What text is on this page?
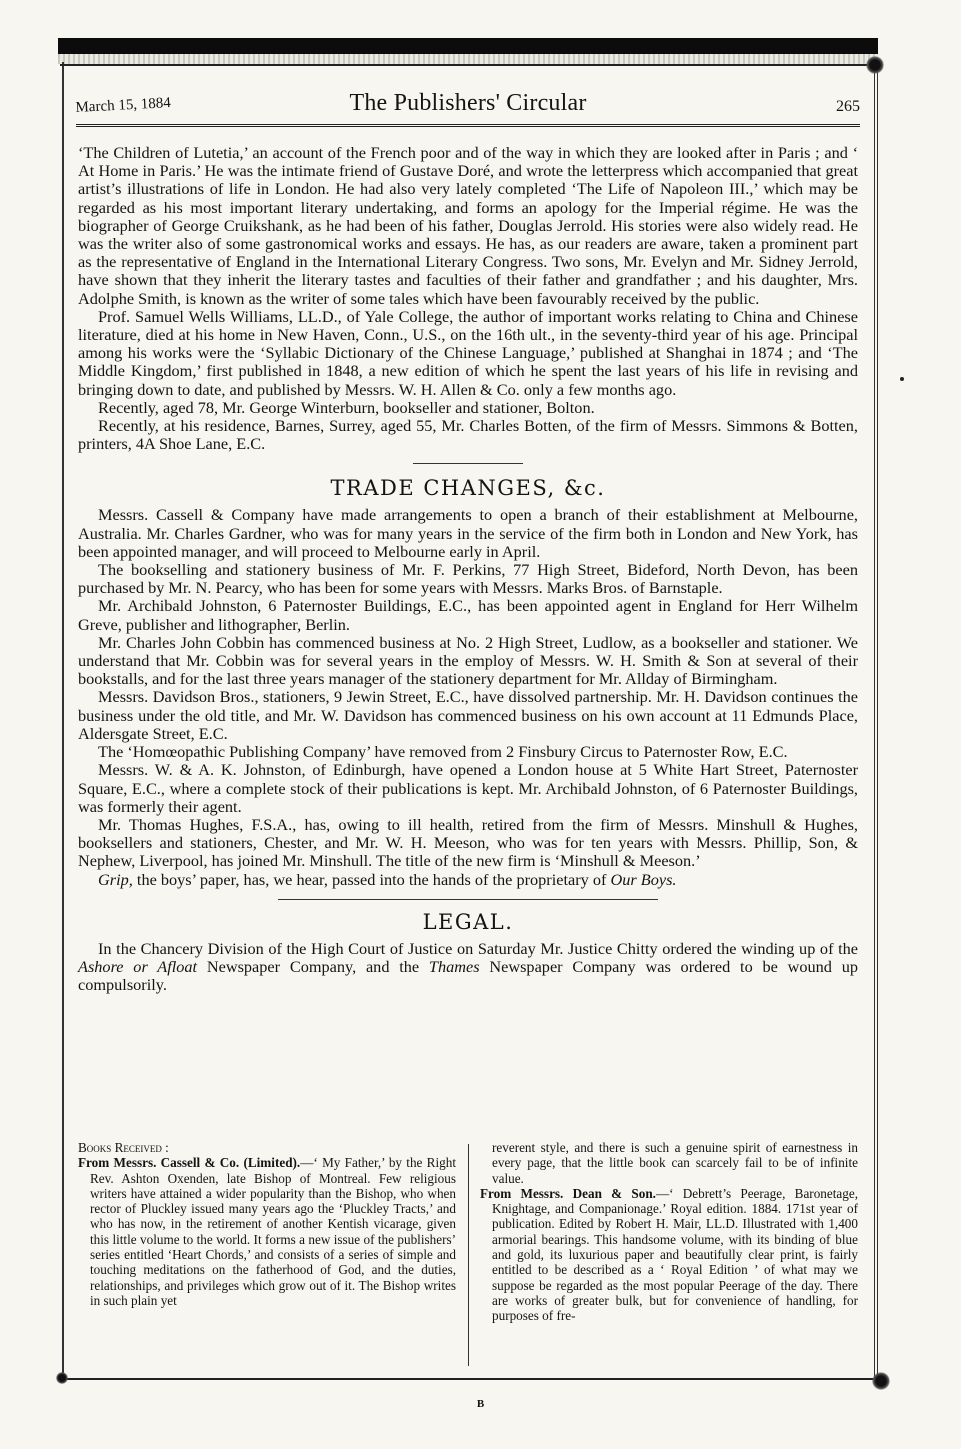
March 15, 1884	The Publishers' Circular	265

‘The Children of Lutetia,’ an account of the French poor and of the way in which they are looked after in Paris ; and ‘ At Home in Paris.’ He was the intimate friend of Gustave Doré, and wrote the letterpress which accompanied that great artist’s illustrations of life in London. He had also very lately completed ‘The Life of Napoleon III.,’ which may be regarded as his most important literary undertaking, and forms an apology for the Imperial régime. He was the biographer of George Cruikshank, as he had been of his father, Douglas Jerrold. His stories were also widely read. He was the writer also of some gastronomical works and essays. He has, as our readers are aware, taken a prominent part as the representative of England in the International Literary Congress. Two sons, Mr. Evelyn and Mr. Sidney Jerrold, have shown that they inherit the literary tastes and faculties of their father and grandfather ; and his daughter, Mrs. Adolphe Smith, is known as the writer of some tales which have been favourably received by the public.

Prof. Samuel Wells Williams, LL.D., of Yale College, the author of important works relating to China and Chinese literature, died at his home in New Haven, Conn., U.S., on the 16th ult., in the seventy-third year of his age. Principal among his works were the ‘Syllabic Dictionary of the Chinese Language,’ published at Shanghai in 1874 ; and ‘The Middle Kingdom,’ first published in 1848, a new edition of which he spent the last years of his life in revising and bringing down to date, and published by Messrs. W. H. Allen & Co. only a few months ago.

Recently, aged 78, Mr. George Winterburn, bookseller and stationer, Bolton.

Recently, at his residence, Barnes, Surrey, aged 55, Mr. Charles Botten, of the firm of Messrs. Simmons & Botten, printers, 4A Shoe Lane, E.C.

TRADE CHANGES, &c.

Messrs. Cassell & Company have made arrangements to open a branch of their establishment at Melbourne, Australia. Mr. Charles Gardner, who was for many years in the service of the firm both in London and New York, has been appointed manager, and will proceed to Melbourne early in April.

The bookselling and stationery business of Mr. F. Perkins, 77 High Street, Bideford, North Devon, has been purchased by Mr. N. Pearcy, who has been for some years with Messrs. Marks Bros. of Barnstaple.

Mr. Archibald Johnston, 6 Paternoster Buildings, E.C., has been appointed agent in England for Herr Wilhelm Greve, publisher and lithographer, Berlin.

Mr. Charles John Cobbin has commenced business at No. 2 High Street, Ludlow, as a bookseller and stationer. We understand that Mr. Cobbin was for several years in the employ of Messrs. W. H. Smith & Son at several of their bookstalls, and for the last three years manager of the stationery department for Mr. Allday of Birmingham.

Messrs. Davidson Bros., stationers, 9 Jewin Street, E.C., have dissolved partnership. Mr. H. Davidson continues the business under the old title, and Mr. W. Davidson has commenced business on his own account at 11 Edmunds Place, Aldersgate Street, E.C.

The ‘Homœopathic Publishing Company’ have removed from 2 Finsbury Circus to Paternoster Row, E.C.

Messrs. W. & A. K. Johnston, of Edinburgh, have opened a London house at 5 White Hart Street, Paternoster Square, E.C., where a complete stock of their publications is kept. Mr. Archibald Johnston, of 6 Paternoster Buildings, was formerly their agent.

Mr. Thomas Hughes, F.S.A., has, owing to ill health, retired from the firm of Messrs. Minshull & Hughes, booksellers and stationers, Chester, and Mr. W. H. Meeson, who was for ten years with Messrs. Phillip, Son, & Nephew, Liverpool, has joined Mr. Minshull. The title of the new firm is ‘Minshull & Meeson.’

Grip, the boys’ paper, has, we hear, passed into the hands of the proprietary of Our Boys.

LEGAL.

In the Chancery Division of the High Court of Justice on Saturday Mr. Justice Chitty ordered the winding up of the Ashore or Afloat Newspaper Company, and the Thames Newspaper Company was ordered to be wound up compulsorily.

Books Received :

From Messrs. Cassell & Co. (Limited).—‘ My Father,’ by the Right Rev. Ashton Oxenden, late Bishop of Montreal. Few religious writers have attained a wider popularity than the Bishop, who when rector of Pluckley issued many years ago the ‘Pluckley Tracts,’ and who has now, in the retirement of another Kentish vicarage, given this little volume to the world. It forms a new issue of the publishers’ series entitled ‘Heart Chords,’ and consists of a series of simple and touching meditations on the fatherhood of God, and the duties, relationships, and privileges which grow out of it. The Bishop writes in such plain yet

reverent style, and there is such a genuine spirit of earnestness in every page, that the little book can scarcely fail to be of infinite value.

From Messrs. Dean & Son.—‘ Debrett’s Peerage, Baronetage, Knightage, and Companionage.’ Royal edition. 1884. 171st year of publication. Edited by Robert H. Mair, LL.D. Illustrated with 1,400 armorial bearings. This handsome volume, with its binding of blue and gold, its luxurious paper and beautifully clear print, is fairly entitled to be described as a ‘ Royal Edition ’ of what may we suppose be regarded as the most popular Peerage of the day. There are works of greater bulk, but for convenience of handling, for purposes of fre-

B
